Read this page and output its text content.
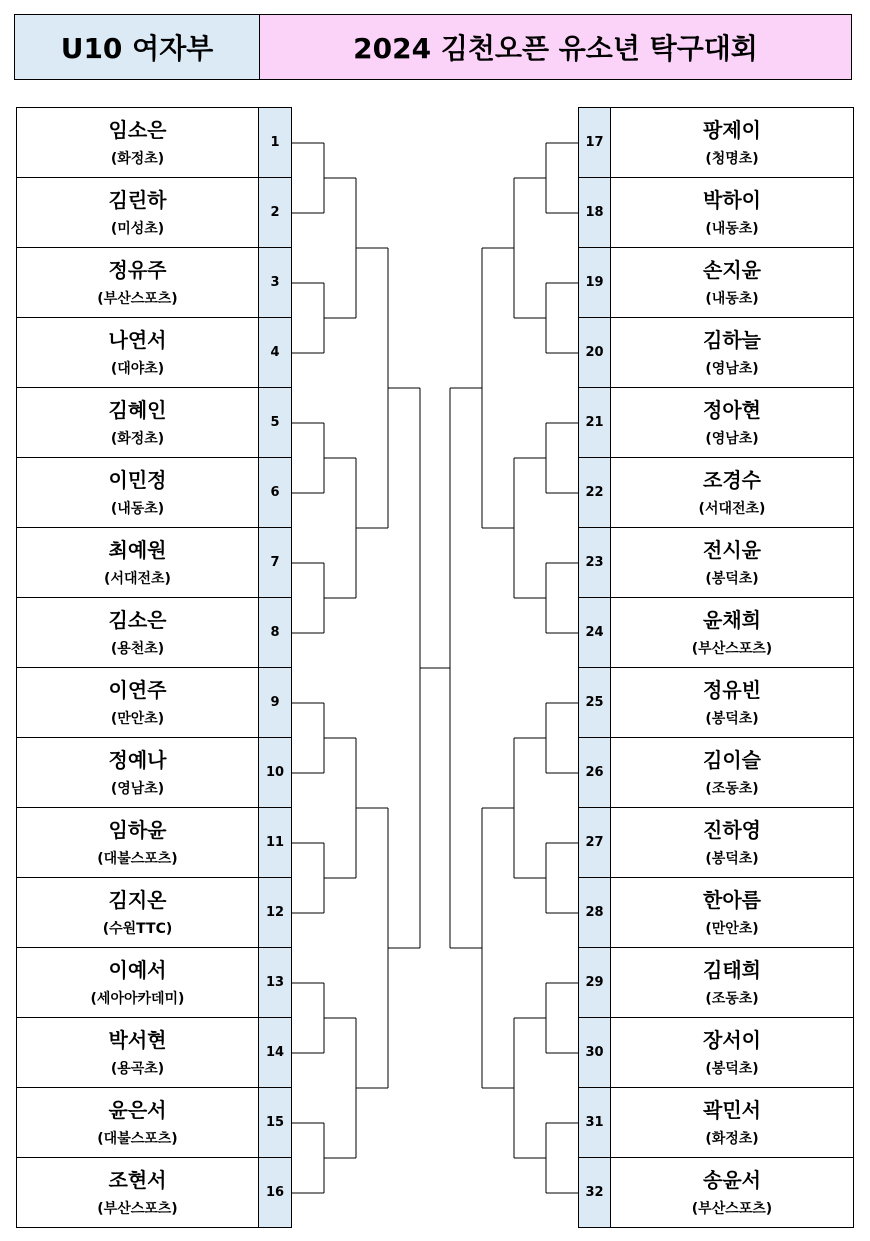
U10 여자부	2024 김천오픈 유소년 탁구대회
임소은
(화정초)
1
김린하
(미성초)
2
정유주
(부산스포츠)
3
나연서
(대야초)
4
김혜인
(화정초)
5
이민정
(내동초)
6
최예원
(서대전초)
7
김소은
(용천초)
8
이연주
(만안초)
9
정예나
(영남초)
10
임하윤
(대불스포츠)
11
김지온
(수원TTC)
12
이예서
(세아아카데미)
13
박서현
(용곡초)
14
윤은서
(대불스포츠)
15
조현서
(부산스포츠)
16
팡제이
(청명초)
17
박하이
(내동초)
18
손지윤
(내동초)
19
김하늘
(영남초)
20
정아현
(영남초)
21
조경수
(서대전초)
22
전시윤
(봉덕초)
23
윤채희
(부산스포츠)
24
정유빈
(봉덕초)
25
김이슬
(조동초)
26
진하영
(봉덕초)
27
한아름
(만안초)
28
김태희
(조동초)
29
장서이
(봉덕초)
30
곽민서
(화정초)
31
송윤서
(부산스포츠)
32
